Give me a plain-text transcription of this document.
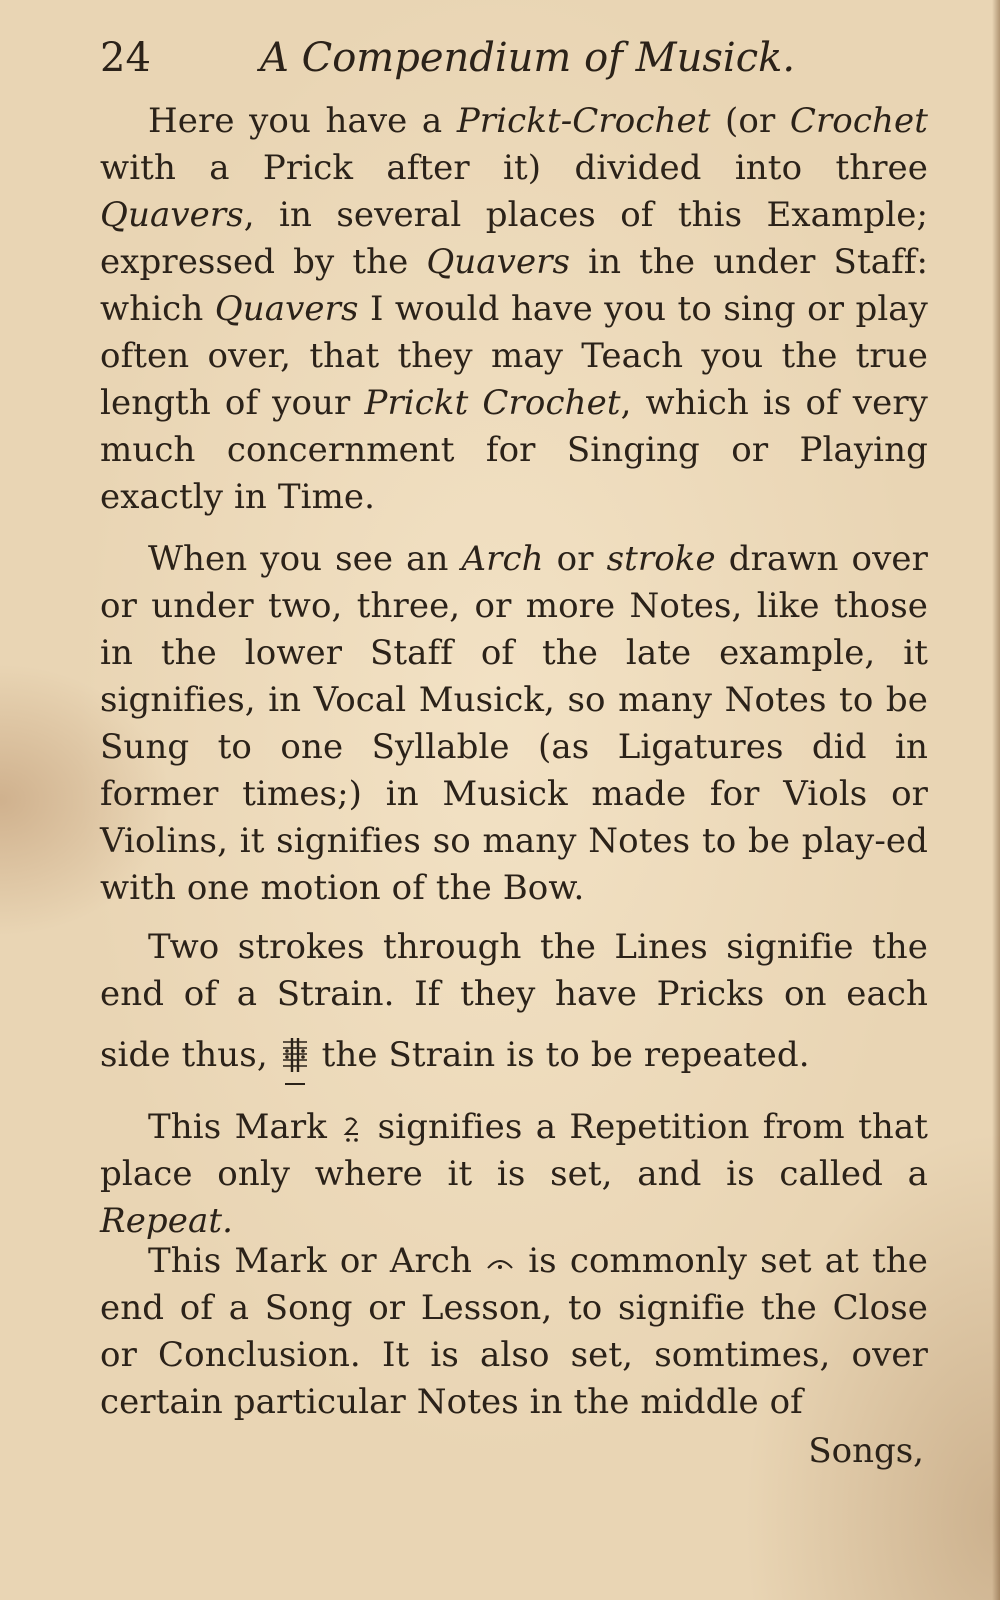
24	A Compendium of Musick.

Here you have a Prickt-Crochet (or Crochet with a Prick after it) divided into three Quavers, in several places of this Example; expressed by the Quavers in the under Staff: which Quavers I would have you to sing or play often over, that they may Teach you the true length of your Prickt Crochet, which is of very much concernment for Singing or Playing exactly in Time.

When you see an Arch or stroke drawn over or under two, three, or more Notes, like those in the lower Staff of the late example, it signifies, in Vocal Musick, so many Notes to be Sung to one Syllable (as Ligatures did in former times;) in Musick made for Viols or Violins, it signifies so many Notes to be play-ed with one motion of the Bow.

Two strokes through the Lines signifie the end of a Strain. If they have Pricks on each side thus,
the Strain is to be repeated.

This Mark
signifies a Repetition from that place only where it is set, and is called a Repeat.

This Mark or Arch
is commonly set at the end of a Song or Lesson, to signifie the Close or Conclusion. It is also set, somtimes, over certain particular Notes in the middle of

Songs,
